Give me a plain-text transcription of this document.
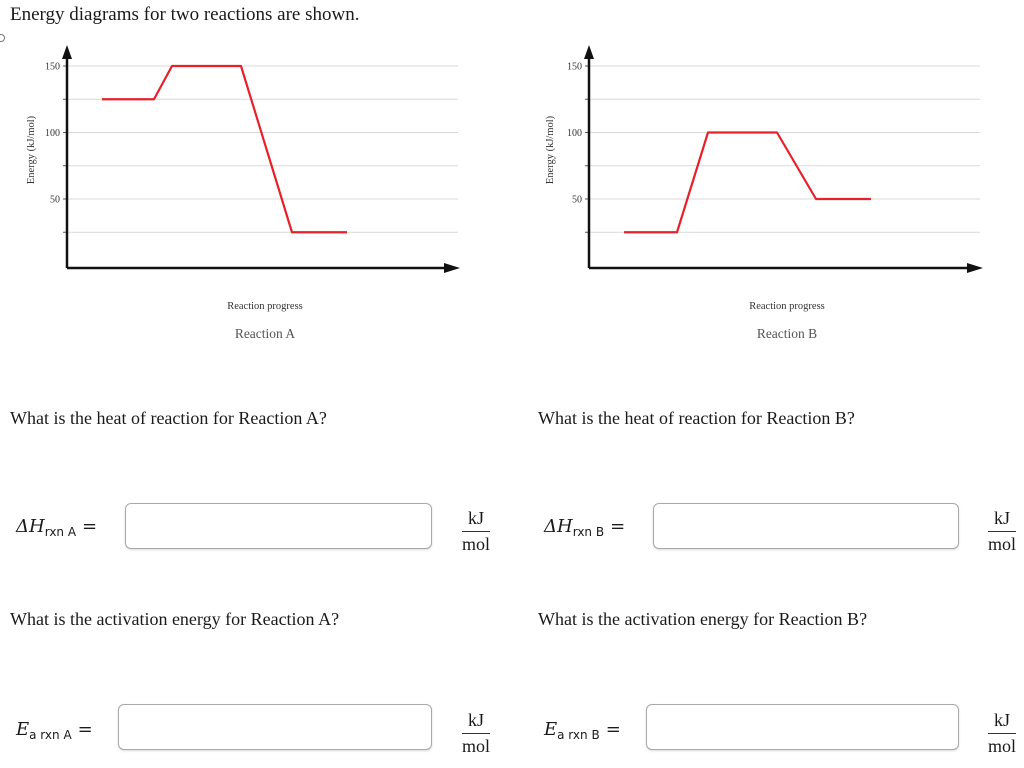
Energy diagrams for two reactions are shown.
50
100
150
Energy (kJ/mol)
Reaction progress
Reaction A
50
100
150
Energy (kJ/mol)
Reaction progress
Reaction B
What is the heat of reaction for Reaction A?
$\Delta H_{rxn A}$ =	kJ
mol
What is the activation energy for Reaction A?
$E_{a rxn A}$ =	kJ
mol
What is the heat of reaction for Reaction B?
$\Delta H_{rxn B}$ =	kJ
mol
What is the activation energy for Reaction B?
$E_{a rxn B}$ =	kJ
mol
